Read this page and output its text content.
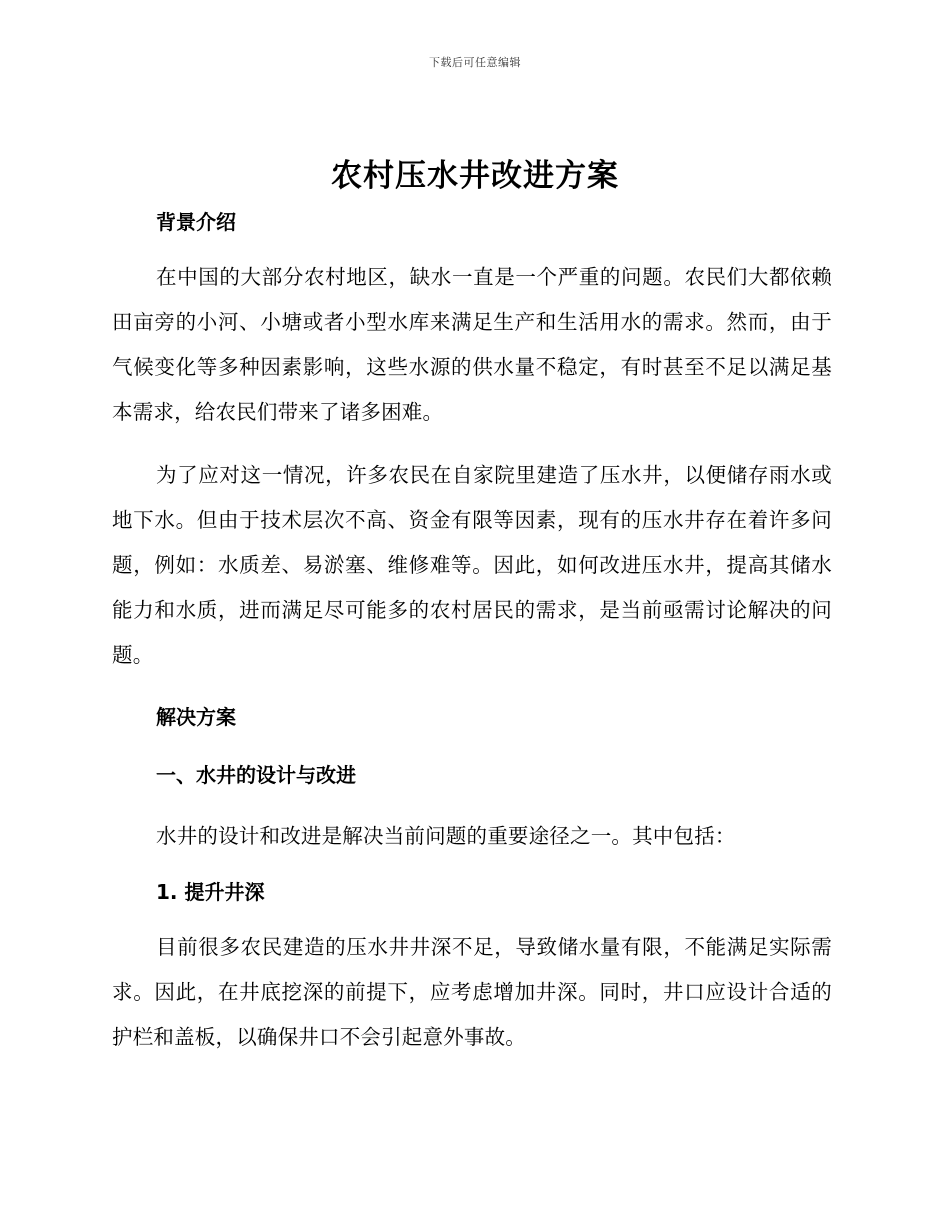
下载后可任意编辑
农村压水井改进方案

背景介绍

在中国的大部分农村地区，缺水一直是一个严重的问题。农民们大都依赖田亩旁的小河、小塘或者小型水库来满足生产和生活用水的需求。然而，由于气候变化等多种因素影响，这些水源的供水量不稳定，有时甚至不足以满足基本需求，给农民们带来了诸多困难。

为了应对这一情况，许多农民在自家院里建造了压水井，以便储存雨水或地下水。但由于技术层次不高、资金有限等因素，现有的压水井存在着许多问题，例如：水质差、易淤塞、维修难等。因此，如何改进压水井，提高其储水能力和水质，进而满足尽可能多的农村居民的需求，是当前亟需讨论解决的问题。

解决方案

一、水井的设计与改进

水井的设计和改进是解决当前问题的重要途径之一。其中包括：

1. 提升井深

目前很多农民建造的压水井井深不足，导致储水量有限，不能满足实际需求。因此，在井底挖深的前提下，应考虑增加井深。同时，井口应设计合适的护栏和盖板，以确保井口不会引起意外事故。
